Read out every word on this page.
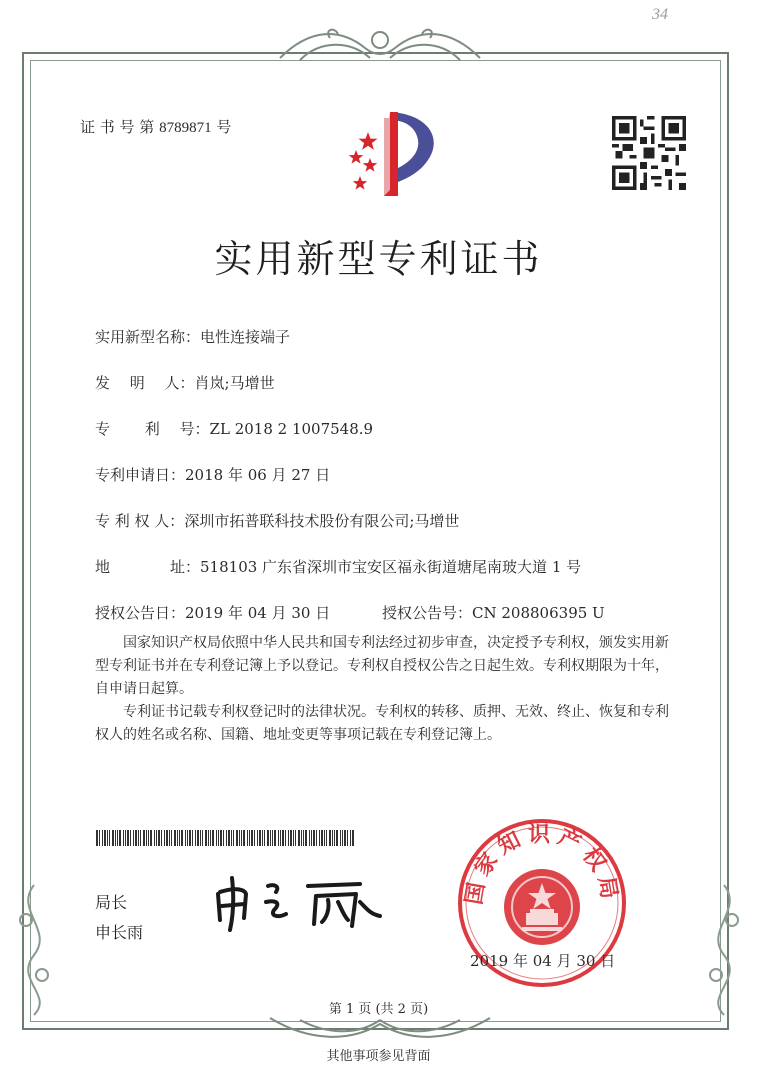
34
证 书 号 第 8789871 号
实用新型专利证书
实用新型名称：电性连接端子
发　 明　 人：肖岚;马增世
专　　 利　 号：ZL 2018 2 1007548.9
专利申请日：2018 年 06 月 27 日
专 利 权 人：深圳市拓普联科技术股份有限公司;马增世
地　　　　址：518103 广东省深圳市宝安区福永街道塘尾南玻大道 1 号
授权公告日：2019 年 04 月 30 日	授权公告号：CN 208806395 U

国家知识产权局依照中华人民共和国专利法经过初步审查，决定授予专利权，颁发实用新型专利证书并在专利登记簿上予以登记。专利权自授权公告之日起生效。专利权期限为十年，自申请日起算。

专利证书记载专利权登记时的法律状况。专利权的转移、质押、无效、终止、恢复和专利权人的姓名或名称、国籍、地址变更等事项记载在专利登记簿上。

局长
申长雨
国家知识产权局
2019 年 04 月 30 日
第 1 页 (共 2 页)
其他事项参见背面
